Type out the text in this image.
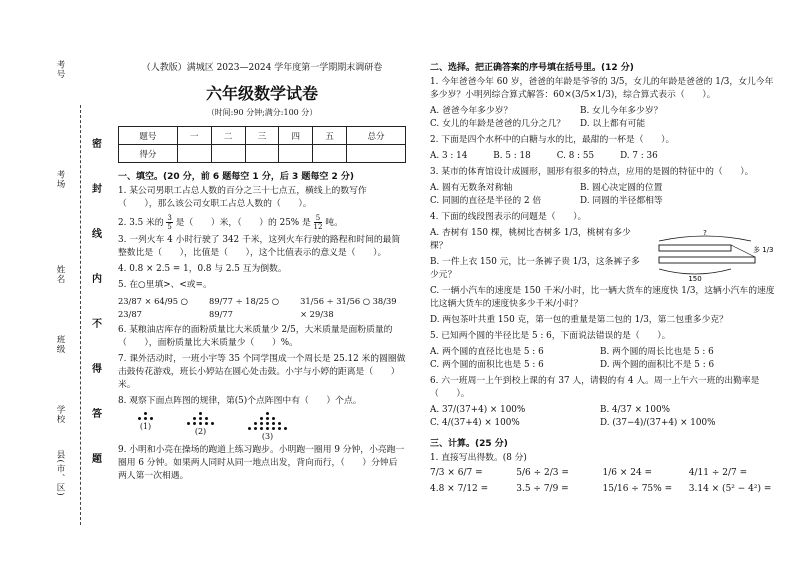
考号
考场
姓名
班级
学校
县(市、区)
密
封
线
内
不
得
答
题
（人教版）满城区 2023—2024 学年度第一学期期末调研卷
六年级数学试卷
（时间:90 分钟;满分:100 分）
题号	一	二	三	四	五	总分
得分						
一、填空。(20 分，前 6 题每空 1 分，后 3 题每空 2 分)
1. 某公司男职工占总人数的百分之三十七点五，横线上的数写作（　　），那么该公司女职工占总人数的（　　）。
2. 3.5 米的 $\frac{3}{5}$ 是（　　）米，（　　）的 25% 是 $\frac{5}{12}$ 吨。
3. 一列火车 4 小时行驶了 342 千米，这列火车行驶的路程和时间的最简整数比是（　　），比值是（　　），这个比值表示的意义是（　　）。
4. 0.8 × 2.5 = 1，0.8 与 2.5 互为倒数。
5. 在○里填>、<或=。
23/87 × 64/95 ○ 23/87
89/77 ÷ 18/25 ○ 89/77
31/56 ÷ 31/56 ○ 38/39 × 29/38
6. 某粮油店库存的面粉质量比大米质量少 2/5，大米质量是面粉质量的（　　），面粉质量比大米质量少（　　）%。
7. 课外活动时，一班小宇等 35 个同学围成一个周长是 25.12 米的圆圈做击鼓传花游戏，班长小婷站在圆心处击鼓。小宇与小婷的距离是（　　）米。
8. 观察下面点阵图的规律，第(5)个点阵图中有（　　）个点。
(1)
(2)
(3)
9. 小明和小亮在操场的跑道上练习跑步。小明跑一圈用 9 分钟，小亮跑一圈用 6 分钟。如果两人同时从同一地点出发，背向而行，（　　）分钟后两人第一次相遇。
二、选择。把正确答案的序号填在括号里。(12 分)
1. 今年爸爸今年 60 岁，爸爸的年龄是爷爷的 3/5，女儿的年龄是爸爸的 1/3，女儿今年多少岁？小明列综合算式解答：60×(3/5×1/3)，综合算式表示（　　）。
A. 爸爸今年多少岁？	B. 女儿今年多少岁？
C. 女儿的年龄是爸爸的几分之几？ D. 以上都有可能
2. 下面是四个水杯中的白糖与水的比，最甜的一杯是（　　）。
A. 3 : 14	B. 5 : 18	C. 8 : 55	D. 7 : 36
3. 某市的体育馆设计成圆形，圆形有很多的特点，应用的是圆的特征中的（　　）。
A. 圆有无数条对称轴	B. 圆心决定圆的位置
C. 同圆的直径是半径的 2 倍	D. 同圆的半径都相等
4. 下面的线段图表示的问题是（　　）。
A. 杏树有 150 棵，桃树比杏树多 1/3，桃树有多少棵？
B. 一件上衣 150 元，比一条裤子贵 1/3，这条裤子多少元？
?
多 1/3
150
C. 一辆小汽车的速度是 150 千米/小时，比一辆大货车的速度快 1/3，这辆小汽车的速度比这辆大货车的速度快多少千米/小时？
D. 两包茶叶共重 150 克，第一包的重量是第二包的 1/3，第二包重多少克？
5. 已知两个圆的半径比是 5 : 6，下面说法错误的是（　　）。
A. 两个圆的直径比也是 5 : 6	B. 两个圆的周长比也是 5 : 6
C. 两个圆的面积比也是 5 : 6	D. 两个圆的面积比不是 5 : 6
6. 六一班周一上午到校上课的有 37 人，请假的有 4 人。周一上午六一班的出勤率是（　　）。
A. 37/(37+4) × 100%	B. 4/37 × 100%
C. 4/(37+4) × 100%	D. (37−4)/(37+4) × 100%
三、计算。(25 分)
1. 直接写出得数。(8 分)
7/3 × 6/7 =	5/6 ÷ 2/3 =	1/6 × 24 =	4/11 ÷ 2/7 =
4.8 × 7/12 =	3.5 ÷ 7/9 =	15/16 ÷ 75% =	3.14 × (5² − 4²) =
